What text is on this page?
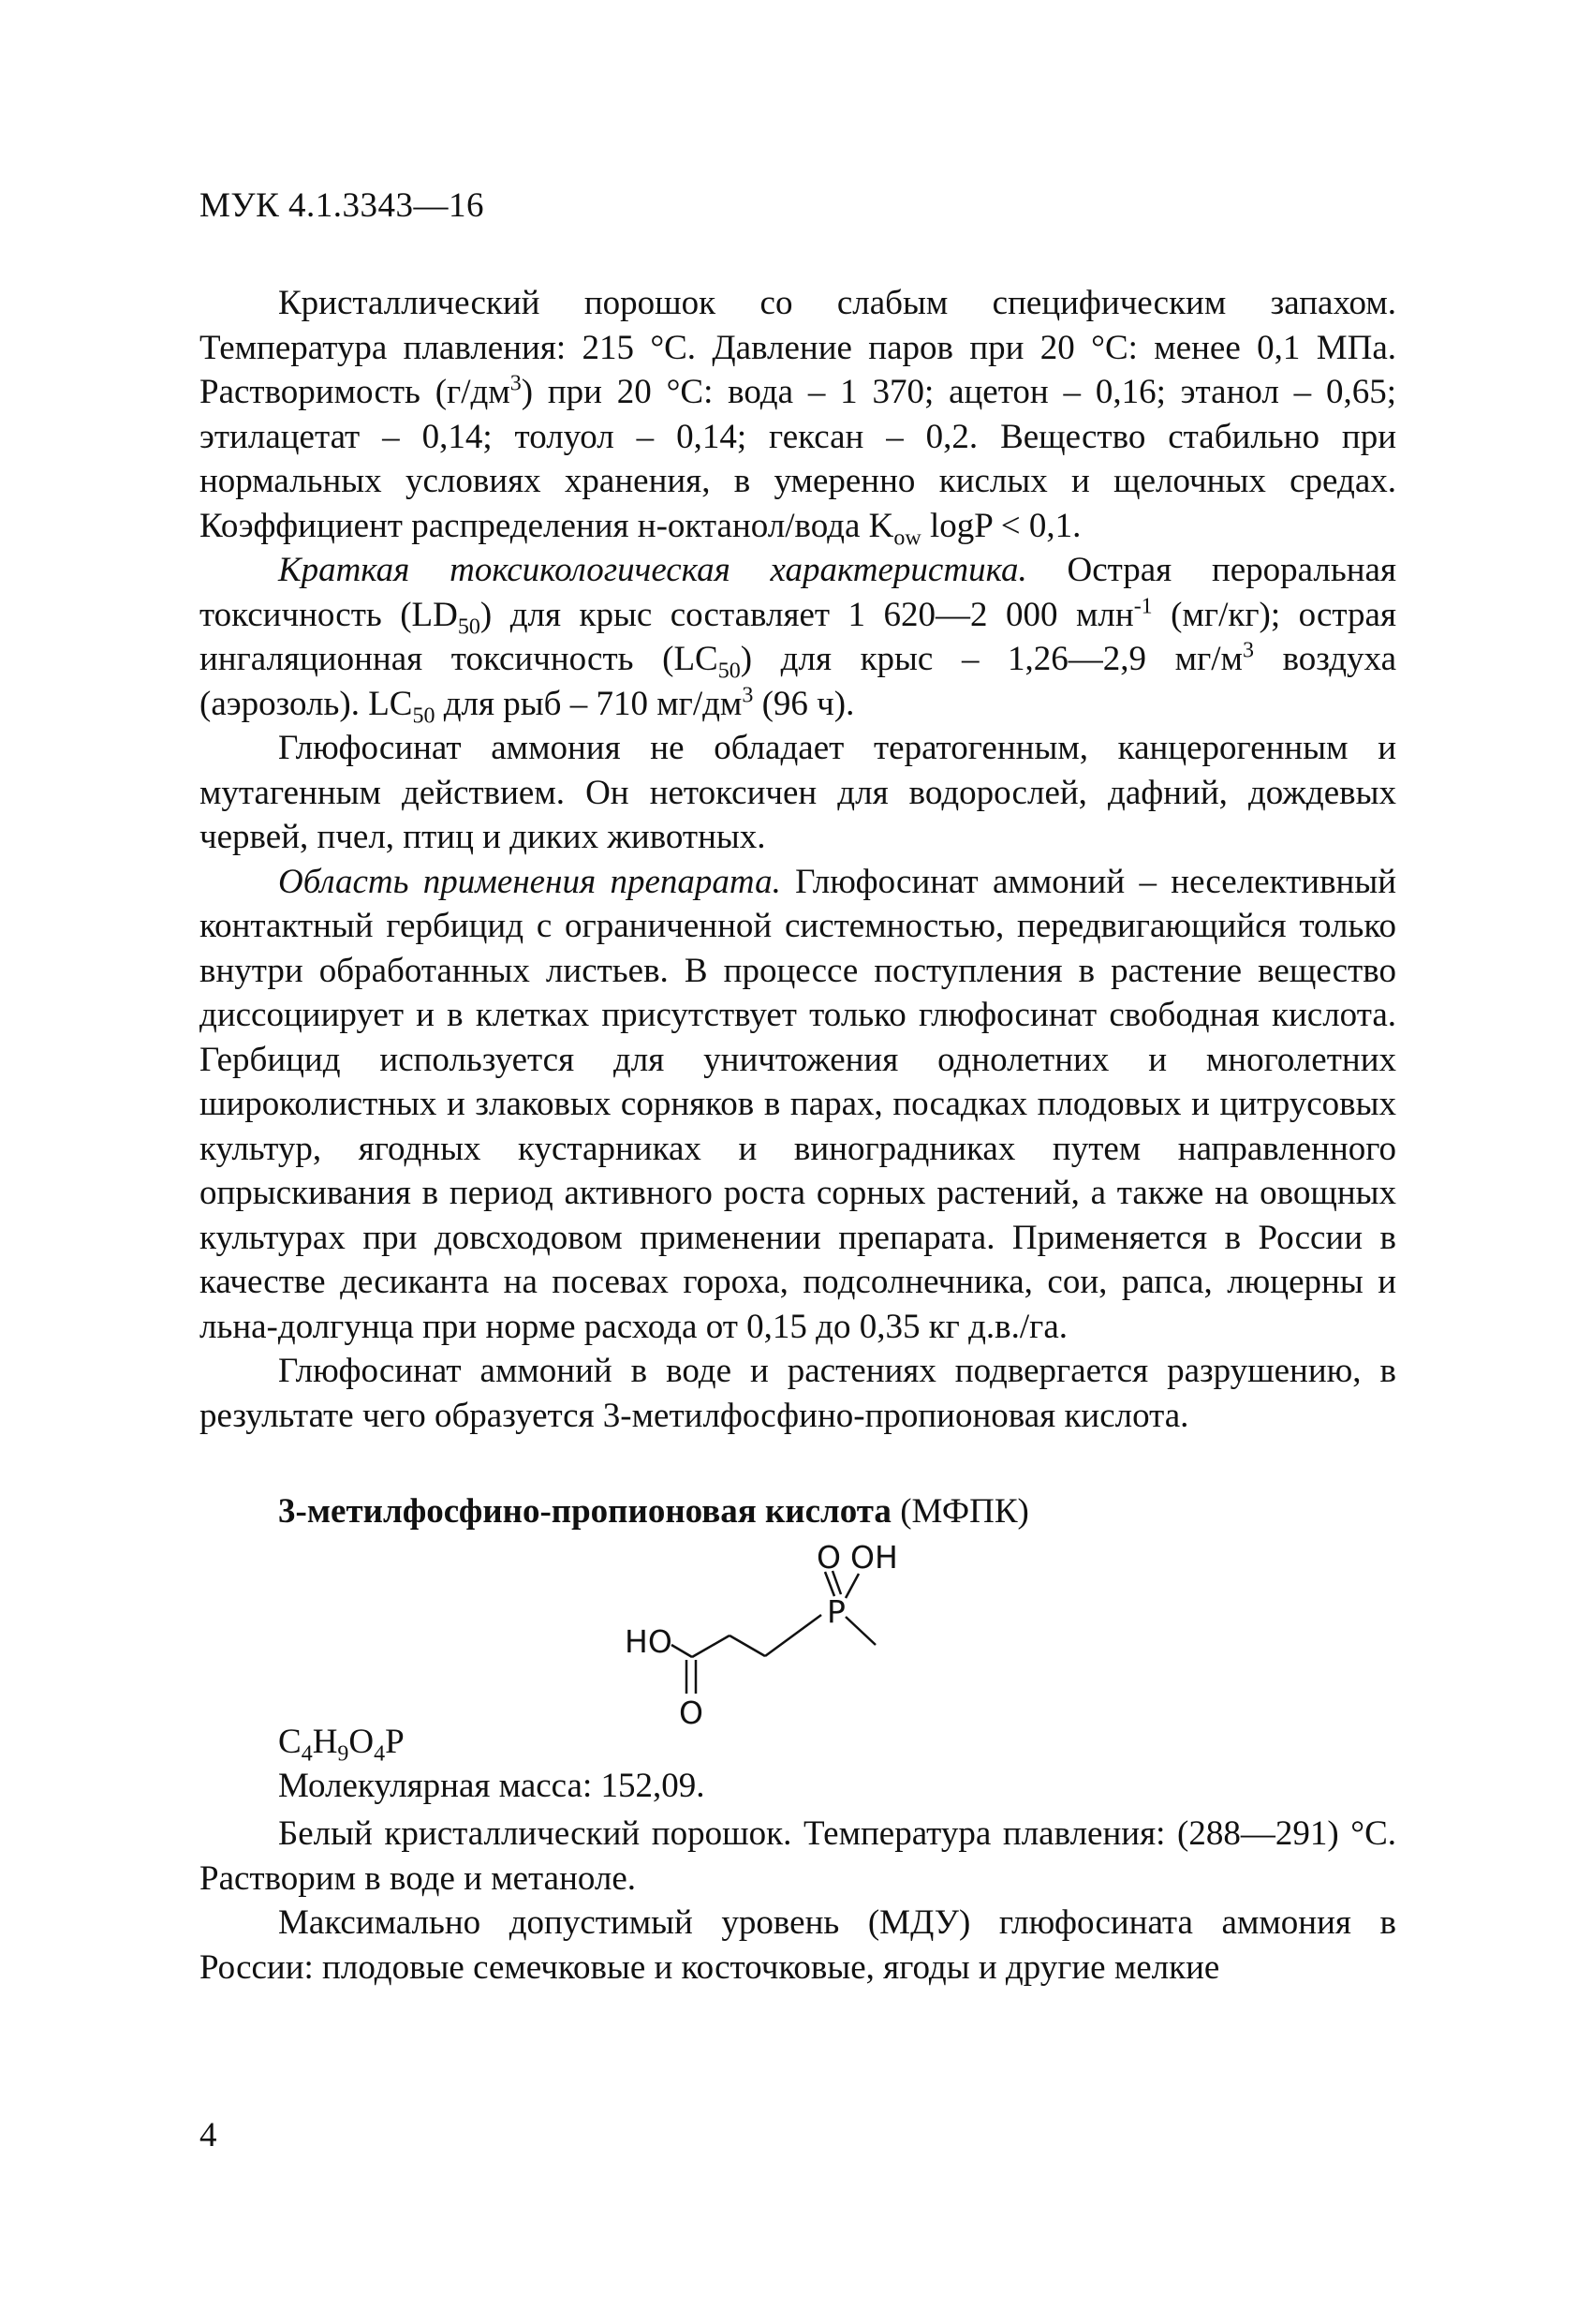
МУК 4.1.3343—16

Кристаллический порошок со слабым специфическим запахом. Температура плавления: 215 °С. Давление паров при 20 °С: менее 0,1 МПа. Растворимость $(г/дм^3)$ при 20 °С: вода – 1 370; ацетон – 0,16; этанол – 0,65; этилацетат – 0,14; толуол – 0,14; гексан – 0,2. Вещество стабильно при нормальных условиях хранения, в умеренно кислых и щелочных средах. Коэффициент распределения н-октанол/вода $K_{ow}$ logP < 0,1.

Краткая токсикологическая характеристика. Острая пероральная токсичность $(LD_{50})$ для крыс составляет 1 620—2 000 млн$^{-1}$ (мг/кг); острая ингаляционная токсичность $(LC_{50})$ для крыс – 1,26—2,9 $мг/м^3$ воздуха (аэрозоль). $LC_{50}$ для рыб – 710 $мг/дм^3$ (96 ч).

Глюфосинат аммония не обладает тератогенным, канцерогенным и мутагенным действием. Он нетоксичен для водорослей, дафний, дождевых червей, пчел, птиц и диких животных.

Область применения препарата. Глюфосинат аммоний – неселективный контактный гербицид с ограниченной системностью, передвигающийся только внутри обработанных листьев. В процессе поступления в растение вещество диссоциирует и в клетках присутствует только глюфосинат свободная кислота. Гербицид используется для уничтожения однолетних и многолетних широколистных и злаковых сорняков в парах, посадках плодовых и цитрусовых культур, ягодных кустарниках и виноградниках путем направленного опрыскивания в период активного роста сорных растений, а также на овощных культурах при довсходовом применении препарата. Применяется в России в качестве десиканта на посевах гороха, подсолнечника, сои, рапса, люцерны и льна-долгунца при норме расхода от 0,15 до 0,35 кг д.в./га.

Глюфосинат аммоний в воде и растениях подвергается разрушению, в результате чего образуется 3-метилфосфино-пропионовая кислота.

3-метилфосфино-пропионовая кислота (МФПК)
O OH
P
HO
O
$C_4H_9O_4P$
Молекулярная масса: 152,09.

Белый кристаллический порошок. Температура плавления: (288—291) °С. Растворим в воде и метаноле.

Максимально допустимый уровень (МДУ) глюфосината аммония в России: плодовые семечковые и косточковые, ягоды и другие мелкие

4
